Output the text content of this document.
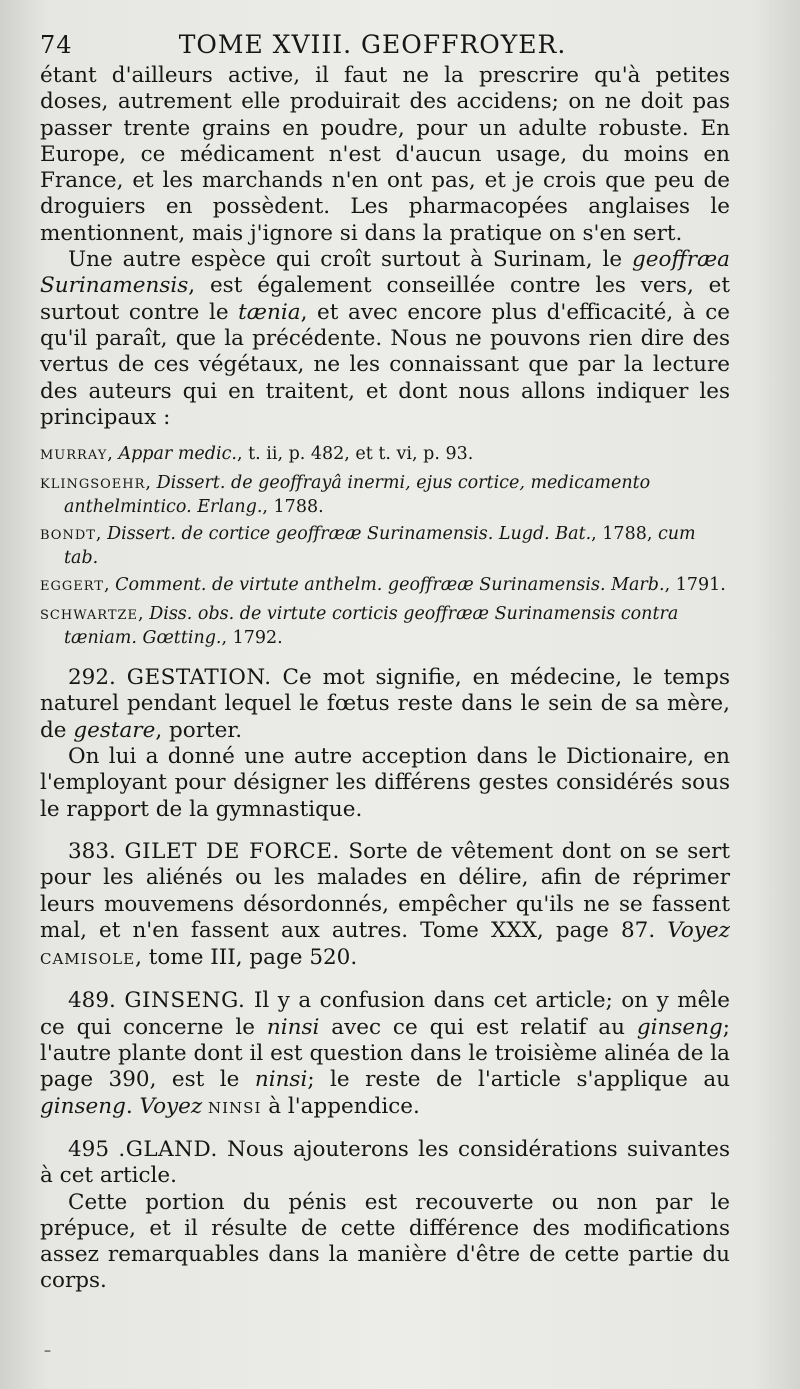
74	TOME XVIII. GEOFFROYER.

étant d'ailleurs active, il faut ne la prescrire qu'à petites doses, autrement elle produirait des accidens; on ne doit pas passer trente grains en poudre, pour un adulte robuste. En Europe, ce médicament n'est d'aucun usage, du moins en France, et les marchands n'en ont pas, et je crois que peu de droguiers en possèdent. Les pharmacopées anglaises le mentionnent, mais j'ignore si dans la pratique on s'en sert.

Une autre espèce qui croît surtout à Surinam, le geoffræa Surinamensis, est également conseillée contre les vers, et surtout contre le tænia, et avec encore plus d'efficacité, à ce qu'il paraît, que la précédente. Nous ne pouvons rien dire des vertus de ces végétaux, ne les connaissant que par la lecture des auteurs qui en traitent, et dont nous allons indiquer les principaux :

MURRAY, Appar medic., t. ii, p. 482, et t. vi, p. 93.
KLINGSOEHR, Dissert. de geoffrayâ inermi, ejus cortice, medicamento anthelmintico. Erlang., 1788.
BONDT, Dissert. de cortice geoffrææ Surinamensis. Lugd. Bat., 1788, cum tab.
EGGERT, Comment. de virtute anthelm. geoffrææ Surinamensis. Marb., 1791.
SCHWARTZE, Diss. obs. de virtute corticis geoffrææ Surinamensis contra tæniam. Gœtting., 1792.

292. GESTATION. Ce mot signifie, en médecine, le temps naturel pendant lequel le fœtus reste dans le sein de sa mère, de gestare, porter.

On lui a donné une autre acception dans le Dictionaire, en l'employant pour désigner les différens gestes considérés sous le rapport de la gymnastique.

383. GILET DE FORCE. Sorte de vêtement dont on se sert pour les aliénés ou les malades en délire, afin de réprimer leurs mouvemens désordonnés, empêcher qu'ils ne se fassent mal, et n'en fassent aux autres. Tome XXX, page 87. Voyez CAMISOLE, tome III, page 520.

489. GINSENG. Il y a confusion dans cet article; on y mêle ce qui concerne le ninsi avec ce qui est relatif au ginseng; l'autre plante dont il est question dans le troisième alinéa de la page 390, est le ninsi; le reste de l'article s'applique au ginseng. Voyez NINSI à l'appendice.

495 .GLAND. Nous ajouterons les considérations suivantes à cet article.

Cette portion du pénis est recouverte ou non par le prépuce, et il résulte de cette différence des modifications assez remarquables dans la manière d'être de cette partie du corps.

–
